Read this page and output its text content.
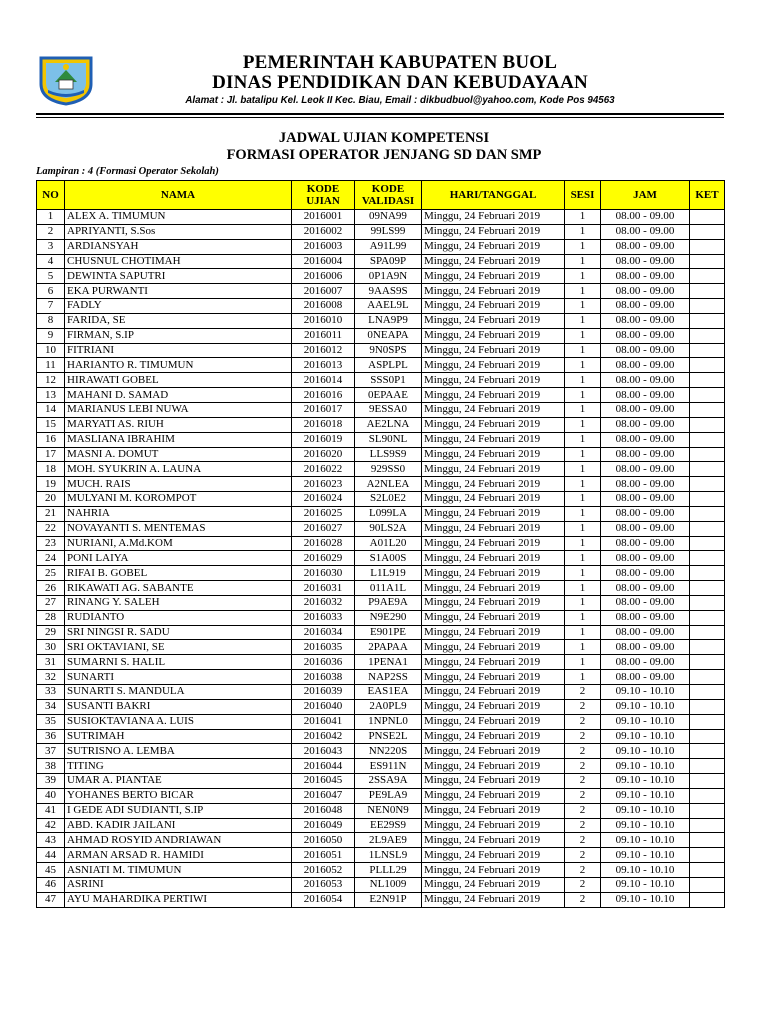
PEMERINTAH KABUPATEN BUOL
DINAS PENDIDIKAN DAN KEBUDAYAAN
Alamat : Jl. batalipu Kel. Leok II Kec. Biau, Email : dikbudbuol@yahoo.com, Kode Pos 94563
JADWAL UJIAN KOMPETENSI
FORMASI OPERATOR JENJANG SD DAN SMP
Lampiran : 4 (Formasi Operator Sekolah)
NO	NAMA	KODE UJIAN	KODE VALIDASI	HARI/TANGGAL	SESI	JAM	KET
1	ALEX A. TIMUMUN	2016001	09NA99	Minggu, 24 Februari 2019	1	08.00 - 09.00	
2	APRIYANTI, S.Sos	2016002	99LS99	Minggu, 24 Februari 2019	1	08.00 - 09.00	
3	ARDIANSYAH	2016003	A91L99	Minggu, 24 Februari 2019	1	08.00 - 09.00	
4	CHUSNUL CHOTIMAH	2016004	SPA09P	Minggu, 24 Februari 2019	1	08.00 - 09.00	
5	DEWINTA SAPUTRI	2016006	0P1A9N	Minggu, 24 Februari 2019	1	08.00 - 09.00	
6	EKA PURWANTI	2016007	9AAS9S	Minggu, 24 Februari 2019	1	08.00 - 09.00	
7	FADLY	2016008	AAEL9L	Minggu, 24 Februari 2019	1	08.00 - 09.00	
8	FARIDA, SE	2016010	LNA9P9	Minggu, 24 Februari 2019	1	08.00 - 09.00	
9	FIRMAN, S.IP	2016011	0NEAPA	Minggu, 24 Februari 2019	1	08.00 - 09.00	
10	FITRIANI	2016012	9N0SPS	Minggu, 24 Februari 2019	1	08.00 - 09.00	
11	HARIANTO R. TIMUMUN	2016013	ASPLPL	Minggu, 24 Februari 2019	1	08.00 - 09.00	
12	HIRAWATI GOBEL	2016014	SSS0P1	Minggu, 24 Februari 2019	1	08.00 - 09.00	
13	MAHANI D. SAMAD	2016016	0EPAAE	Minggu, 24 Februari 2019	1	08.00 - 09.00	
14	MARIANUS LEBI NUWA	2016017	9ESSA0	Minggu, 24 Februari 2019	1	08.00 - 09.00	
15	MARYATI AS. RIUH	2016018	AE2LNA	Minggu, 24 Februari 2019	1	08.00 - 09.00	
16	MASLIANA IBRAHIM	2016019	SL90NL	Minggu, 24 Februari 2019	1	08.00 - 09.00	
17	MASNI A. DOMUT	2016020	LLS9S9	Minggu, 24 Februari 2019	1	08.00 - 09.00	
18	MOH. SYUKRIN A. LAUNA	2016022	929SS0	Minggu, 24 Februari 2019	1	08.00 - 09.00	
19	MUCH. RAIS	2016023	A2NLEA	Minggu, 24 Februari 2019	1	08.00 - 09.00	
20	MULYANI M. KOROMPOT	2016024	S2L0E2	Minggu, 24 Februari 2019	1	08.00 - 09.00	
21	NAHRIA	2016025	L099LA	Minggu, 24 Februari 2019	1	08.00 - 09.00	
22	NOVAYANTI S. MENTEMAS	2016027	90LS2A	Minggu, 24 Februari 2019	1	08.00 - 09.00	
23	NURIANI, A.Md.KOM	2016028	A01L20	Minggu, 24 Februari 2019	1	08.00 - 09.00	
24	PONI LAIYA	2016029	S1A00S	Minggu, 24 Februari 2019	1	08.00 - 09.00	
25	RIFAI B. GOBEL	2016030	L1L919	Minggu, 24 Februari 2019	1	08.00 - 09.00	
26	RIKAWATI AG. SABANTE	2016031	011A1L	Minggu, 24 Februari 2019	1	08.00 - 09.00	
27	RINANG Y. SALEH	2016032	P9AE9A	Minggu, 24 Februari 2019	1	08.00 - 09.00	
28	RUDIANTO	2016033	N9E290	Minggu, 24 Februari 2019	1	08.00 - 09.00	
29	SRI NINGSI R. SADU	2016034	E901PE	Minggu, 24 Februari 2019	1	08.00 - 09.00	
30	SRI OKTAVIANI, SE	2016035	2PAPAA	Minggu, 24 Februari 2019	1	08.00 - 09.00	
31	SUMARNI S. HALIL	2016036	1PENA1	Minggu, 24 Februari 2019	1	08.00 - 09.00	
32	SUNARTI	2016038	NAP2SS	Minggu, 24 Februari 2019	1	08.00 - 09.00	
33	SUNARTI S. MANDULA	2016039	EAS1EA	Minggu, 24 Februari 2019	2	09.10 - 10.10	
34	SUSANTI BAKRI	2016040	2A0PL9	Minggu, 24 Februari 2019	2	09.10 - 10.10	
35	SUSIOKTAVIANA A. LUIS	2016041	1NPNL0	Minggu, 24 Februari 2019	2	09.10 - 10.10	
36	SUTRIMAH	2016042	PNSE2L	Minggu, 24 Februari 2019	2	09.10 - 10.10	
37	SUTRISNO A. LEMBA	2016043	NN220S	Minggu, 24 Februari 2019	2	09.10 - 10.10	
38	TITING	2016044	ES911N	Minggu, 24 Februari 2019	2	09.10 - 10.10	
39	UMAR A. PIANTAE	2016045	2SSA9A	Minggu, 24 Februari 2019	2	09.10 - 10.10	
40	YOHANES BERTO BICAR	2016047	PE9LA9	Minggu, 24 Februari 2019	2	09.10 - 10.10	
41	I GEDE ADI SUDIANTI, S.IP	2016048	NEN0N9	Minggu, 24 Februari 2019	2	09.10 - 10.10	
42	ABD. KADIR JAILANI	2016049	EE29S9	Minggu, 24 Februari 2019	2	09.10 - 10.10	
43	AHMAD ROSYID ANDRIAWAN	2016050	2L9AE9	Minggu, 24 Februari 2019	2	09.10 - 10.10	
44	ARMAN ARSAD R. HAMIDI	2016051	1LNSL9	Minggu, 24 Februari 2019	2	09.10 - 10.10	
45	ASNIATI M. TIMUMUN	2016052	PLLL29	Minggu, 24 Februari 2019	2	09.10 - 10.10	
46	ASRINI	2016053	NL1009	Minggu, 24 Februari 2019	2	09.10 - 10.10	
47	AYU MAHARDIKA PERTIWI	2016054	E2N91P	Minggu, 24 Februari 2019	2	09.10 - 10.10	
